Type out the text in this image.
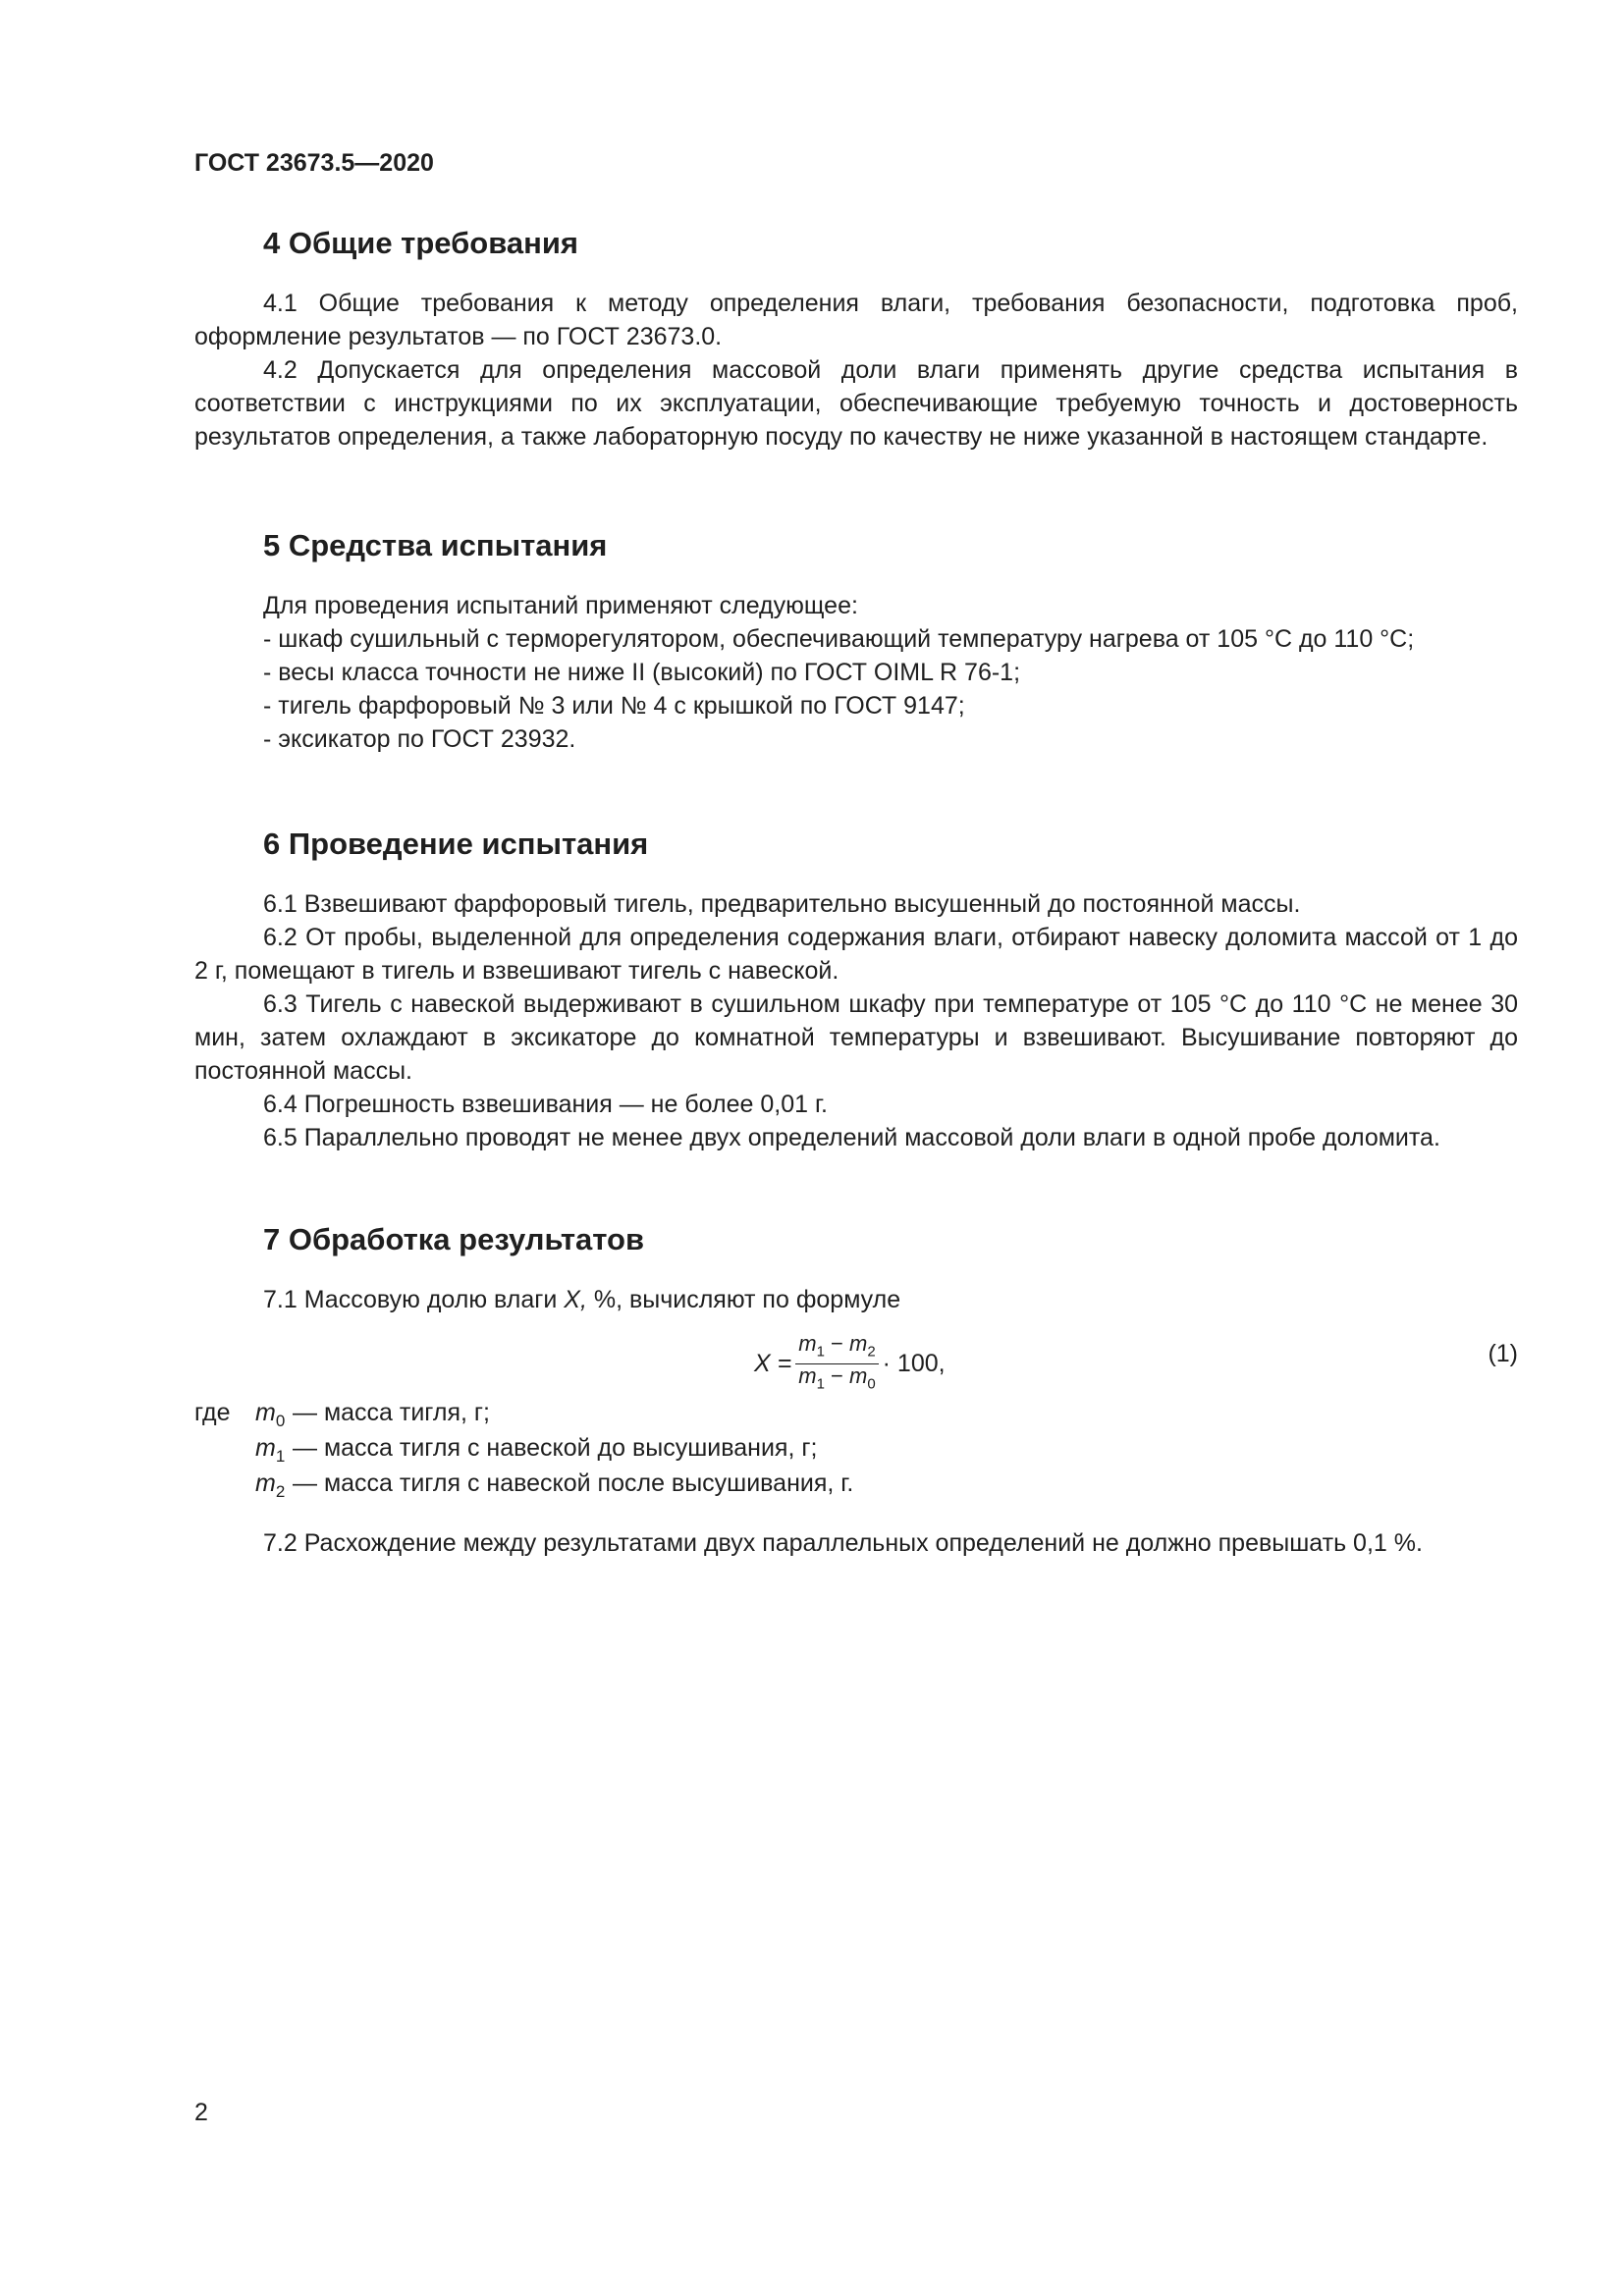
ГОСТ 23673.5—2020
4 Общие требования

4.1 Общие требования к методу определения влаги, требования безопасности, подготовка проб, оформление результатов — по ГОСТ 23673.0.

4.2 Допускается для определения массовой доли влаги применять другие средства испытания в соответствии с инструкциями по их эксплуатации, обеспечивающие требуемую точность и достоверность результатов определения, а также лабораторную посуду по качеству не ниже указанной в настоящем стандарте.

5 Средства испытания

Для проведения испытаний применяют следующее:

- шкаф сушильный с терморегулятором, обеспечивающий температуру нагрева от 105 °С до 110 °С;

- весы класса точности не ниже II (высокий) по ГОСТ OIML R 76-1;
- тигель фарфоровый № 3 или № 4 с крышкой по ГОСТ 9147;
- эксикатор по ГОСТ 23932.
6 Проведение испытания

6.1 Взвешивают фарфоровый тигель, предварительно высушенный до постоянной массы.

6.2 От пробы, выделенной для определения содержания влаги, отбирают навеску доломита массой от 1 до 2 г, помещают в тигель и взвешивают тигель с навеской.

6.3 Тигель с навеской выдерживают в сушильном шкафу при температуре от 105 °С до 110 °С не менее 30 мин, затем охлаждают в эксикаторе до комнатной температуры и взвешивают. Высушивание повторяют до постоянной массы.

6.4 Погрешность взвешивания — не более 0,01 г.

6.5 Параллельно проводят не менее двух определений массовой доли влаги в одной пробе доломита.

7 Обработка результатов

7.1 Массовую долю влаги X, %, вычисляют по формуле

$X = \frac{m_1 - m_2}{m_1 - m_0} \cdot 100$,	(1)
где $m_0$ — масса тигля, г;
$m_1$ — масса тигля с навеской до высушивания, г;
$m_2$ — масса тигля с навеской после высушивания, г.

7.2 Расхождение между результатами двух параллельных определений не должно превышать 0,1 %.

2
